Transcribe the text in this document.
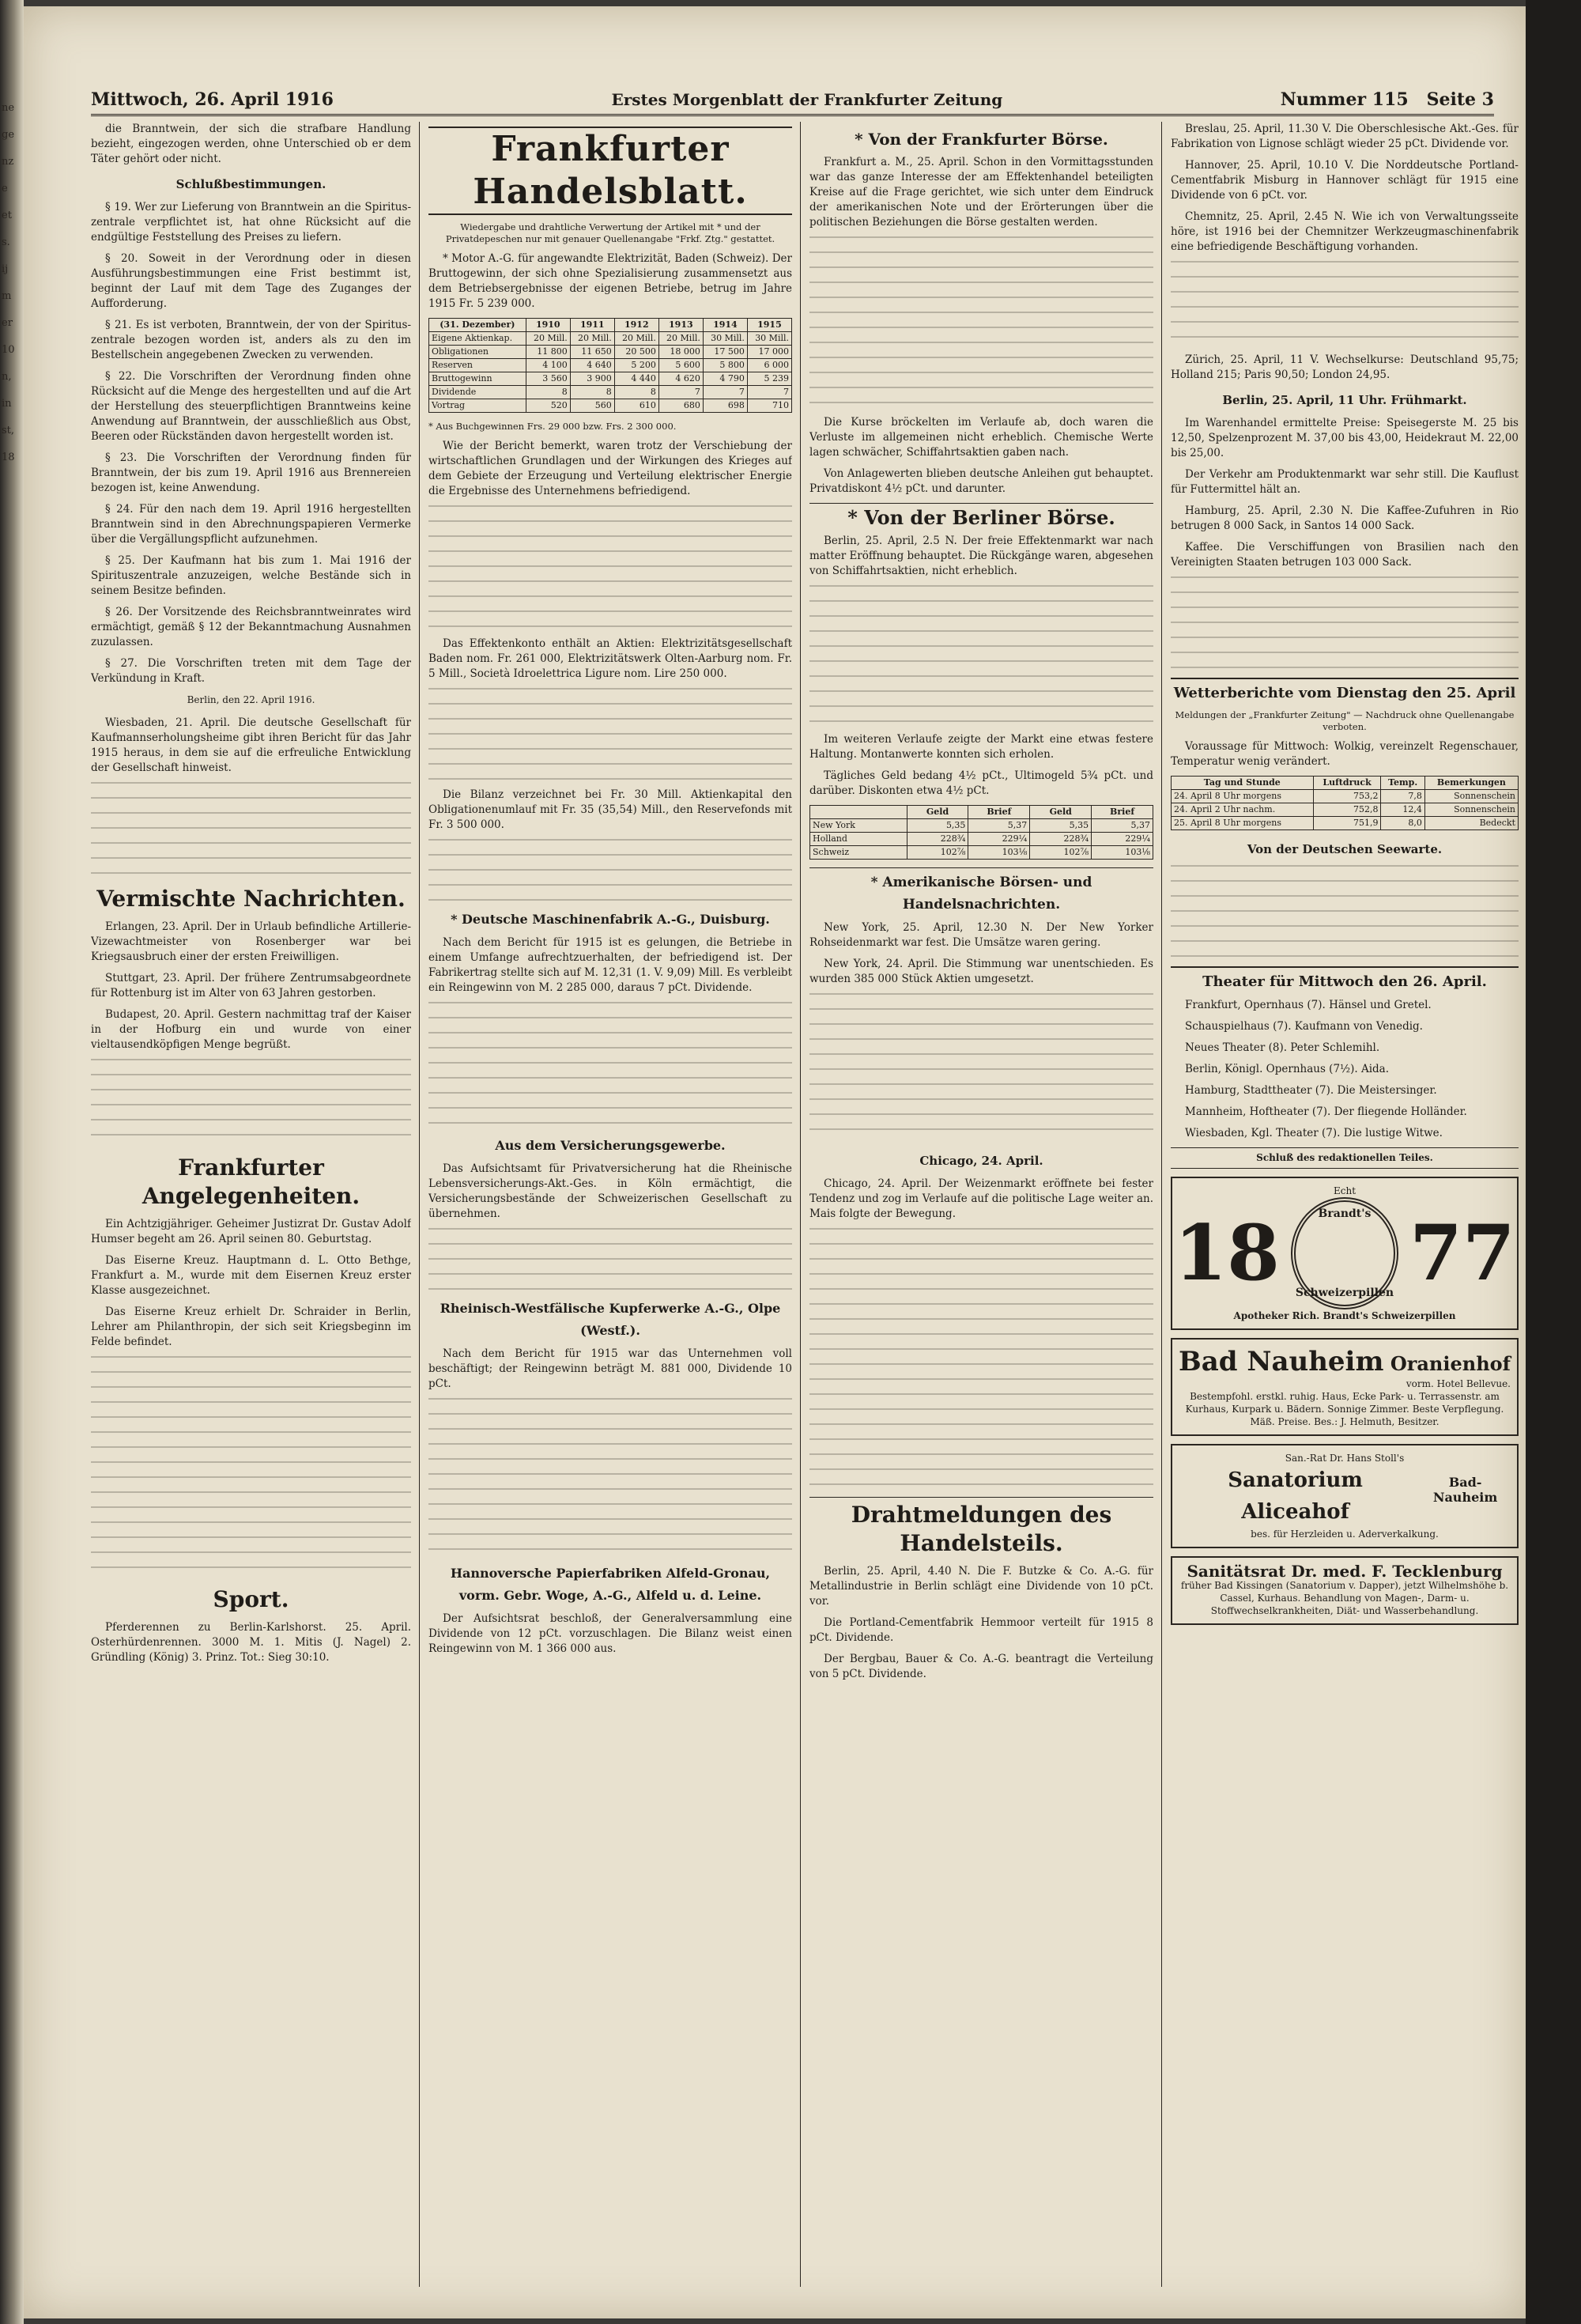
ne
ge
nz
e
et
s.
ij
m
er
10
n,
in
st,
18
Mittwoch, 26. April 1916	Erstes Morgenblatt der Frankfurter Zeitung	Nummer 115 Seite 3

die Branntwein, der sich die strafbare Handlung bezieht, eingezogen werden, ohne Unterschied ob er dem Täter gehört oder nicht.

Schlußbestimmungen.

§ 19. Wer zur Lieferung von Branntwein an die Spirituszentrale verpflichtet ist, hat ohne Rücksicht auf die endgültige Feststellung des Preises zu liefern.

§ 20. Soweit in der Verordnung oder in diesen Ausführungsbestimmungen eine Frist bestimmt ist, beginnt der Lauf mit dem Tage des Zuganges der Aufforderung.

§ 21. Es ist verboten, Branntwein, der von der Spirituszentrale bezogen worden ist, anders als zu den im Bestellschein angegebenen Zwecken zu verwenden.

§ 22. Die Vorschriften der Verordnung finden ohne Rücksicht auf die Menge des hergestellten und auf die Art der Herstellung des steuerpflichtigen Branntweins keine Anwendung auf Branntwein, der ausschließlich aus Obst, Beeren oder Rückständen davon hergestellt worden ist.

§ 23. Die Vorschriften der Verordnung finden für Branntwein, der bis zum 19. April 1916 aus Brennereien bezogen ist, keine Anwendung.

§ 24. Für den nach dem 19. April 1916 hergestellten Branntwein sind in den Abrechnungspapieren Vermerke über die Vergällungspflicht aufzunehmen.

§ 25. Der Kaufmann hat bis zum 1. Mai 1916 der Spirituszentrale anzuzeigen, welche Bestände sich in seinem Besitze befinden.

§ 26. Der Vorsitzende des Reichsbranntweinrates wird ermächtigt, gemäß § 12 der Bekanntmachung Ausnahmen zuzulassen.

§ 27. Die Vorschriften treten mit dem Tage der Verkündung in Kraft.

Berlin, den 22. April 1916.

Wiesbaden, 21. April. Die deutsche Gesellschaft für Kaufmannserholungsheime gibt ihren Bericht für das Jahr 1915 heraus, in dem sie auf die erfreuliche Entwicklung der Gesellschaft hinweist.

Vermischte Nachrichten.

Erlangen, 23. April. Der in Urlaub befindliche ArtillerieVizewachtmeister von Rosenberger war bei Kriegsausbruch einer der ersten Freiwilligen.

Stuttgart, 23. April. Der frühere Zentrumsabgeordnete für Rottenburg ist im Alter von 63 Jahren gestorben.

Budapest, 20. April. Gestern nachmittag traf der Kaiser in der Hofburg ein und wurde von einer vieltausendköpfigen Menge begrüßt.

Frankfurter Angelegenheiten.

Ein Achtzigjähriger. Geheimer Justizrat Dr. Gustav Adolf Humser begeht am 26. April seinen 80. Geburtstag.

Das Eiserne Kreuz. Hauptmann d. L. Otto Bethge, Frankfurt a. M., wurde mit dem Eisernen Kreuz erster Klasse ausgezeichnet.

Das Eiserne Kreuz erhielt Dr. Schraider in Berlin, Lehrer am Philanthropin, der sich seit Kriegsbeginn im Felde befindet.

Sport.

Pferderennen zu Berlin-Karlshorst. 25. April. Osterhürdenrennen. 3000 M. 1. Mitis (J. Nagel) 2. Gründling (König) 3. Prinz. Tot.: Sieg 30:10.

Frankfurter Handelsblatt.
Wiedergabe und drahtliche Verwertung der Artikel mit * und der Privatdepeschen nur mit genauer Quellenangabe "Frkf. Ztg." gestattet.

* Motor A.-G. für angewandte Elektrizität, Baden (Schweiz). Der Bruttogewinn, der sich ohne Spezialisierung zusammensetzt aus dem Betriebsergebnisse der eigenen Betriebe, betrug im Jahre 1915 Fr. 5 239 000.

(31. Dezember)	1910	1911	1912	1913	1914	1915
Eigene Aktienkap.	20 Mill.	20 Mill.	20 Mill.	20 Mill.	30 Mill.	30 Mill.
Obligationen	11 800	11 650	20 500	18 000	17 500	17 000
Reserven	4 100	4 640	5 200	5 600	5 800	6 000
Bruttogewinn	3 560	3 900	4 440	4 620	4 790	5 239
Dividende	8	8	8	7	7	7
Vortrag	520	560	610	680	698	710
* Aus Buchgewinnen Frs. 29 000 bzw. Frs. 2 300 000.

Wie der Bericht bemerkt, waren trotz der Verschiebung der wirtschaftlichen Grundlagen und der Wirkungen des Krieges auf dem Gebiete der Erzeugung und Verteilung elektrischer Energie die Ergebnisse des Unternehmens befriedigend.

Das Effektenkonto enthält an Aktien: Elektrizitätsgesellschaft Baden nom. Fr. 261 000, Elektrizitätswerk Olten-Aarburg nom. Fr. 5 Mill., Società Idroelettrica Ligure nom. Lire 250 000.

Die Bilanz verzeichnet bei Fr. 30 Mill. Aktienkapital den Obligationenumlauf mit Fr. 35 (35,54) Mill., den Reservefonds mit Fr. 3 500 000.

* Deutsche Maschinenfabrik A.-G., Duisburg.

Nach dem Bericht für 1915 ist es gelungen, die Betriebe in einem Umfange aufrechtzuerhalten, der befriedigend ist. Der Fabrikertrag stellte sich auf M. 12,31 (1. V. 9,09) Mill. Es verbleibt ein Reingewinn von M. 2 285 000, daraus 7 pCt. Dividende.

Aus dem Versicherungsgewerbe.

Das Aufsichtsamt für Privatversicherung hat die Rheinische Lebensversicherungs-Akt.-Ges. in Köln ermächtigt, die Versicherungsbestände der Schweizerischen Gesellschaft zu übernehmen.

Rheinisch-Westfälische Kupferwerke A.-G., Olpe (Westf.).

Nach dem Bericht für 1915 war das Unternehmen voll beschäftigt; der Reingewinn beträgt M. 881 000, Dividende 10 pCt.

Hannoversche Papierfabriken Alfeld-Gronau, vorm. Gebr. Woge, A.-G., Alfeld u. d. Leine.

Der Aufsichtsrat beschloß, der Generalversammlung eine Dividende von 12 pCt. vorzuschlagen. Die Bilanz weist einen Reingewinn von M. 1 366 000 aus.

* Von der Frankfurter Börse.

Frankfurt a. M., 25. April. Schon in den Vormittagsstunden war das ganze Interesse der am Effektenhandel beteiligten Kreise auf die Frage gerichtet, wie sich unter dem Eindruck der amerikanischen Note und der Erörterungen über die politischen Beziehungen die Börse gestalten werden.

Die Kurse bröckelten im Verlaufe ab, doch waren die Verluste im allgemeinen nicht erheblich. Chemische Werte lagen schwächer, Schiffahrtsaktien gaben nach.

Von Anlagewerten blieben deutsche Anleihen gut behauptet. Privatdiskont 4½ pCt. und darunter.

* Von der Berliner Börse.

Berlin, 25. April, 2.5 N. Der freie Effektenmarkt war nach matter Eröffnung behauptet. Die Rückgänge waren, abgesehen von Schiffahrtsaktien, nicht erheblich.

Im weiteren Verlaufe zeigte der Markt eine etwas festere Haltung. Montanwerte konnten sich erholen.

Tägliches Geld bedang 4½ pCt., Ultimogeld 5¾ pCt. und darüber. Diskonten etwa 4½ pCt.

	Geld	Brief	Geld	Brief
New York	5,35	5,37	5,35	5,37
Holland	228¾	229¼	228¾	229¼
Schweiz	102⅞	103⅛	102⅞	103⅛
* Amerikanische Börsen- und Handelsnachrichten.

New York, 25. April, 12.30 N. Der New Yorker Rohseidenmarkt war fest. Die Umsätze waren gering.

New York, 24. April. Die Stimmung war unentschieden. Es wurden 385 000 Stück Aktien umgesetzt.

Chicago, 24. April.

Chicago, 24. April. Der Weizenmarkt eröffnete bei fester Tendenz und zog im Verlaufe auf die politische Lage weiter an. Mais folgte der Bewegung.

Drahtmeldungen des Handelsteils.

Berlin, 25. April, 4.40 N. Die F. Butzke & Co. A.-G. für Metallindustrie in Berlin schlägt eine Dividende von 10 pCt. vor.

Die Portland-Cementfabrik Hemmoor verteilt für 1915 8 pCt. Dividende.

Der Bergbau, Bauer & Co. A.-G. beantragt die Verteilung von 5 pCt. Dividende.

Breslau, 25. April, 11.30 V. Die Oberschlesische Akt.-Ges. für Fabrikation von Lignose schlägt wieder 25 pCt. Dividende vor.

Hannover, 25. April, 10.10 V. Die Norddeutsche Portland-Cementfabrik Misburg in Hannover schlägt für 1915 eine Dividende von 6 pCt. vor.

Chemnitz, 25. April, 2.45 N. Wie ich von Verwaltungsseite höre, ist 1916 bei der Chemnitzer Werkzeugmaschinenfabrik eine befriedigende Beschäftigung vorhanden.

Zürich, 25. April, 11 V. Wechselkurse: Deutschland 95,75; Holland 215; Paris 90,50; London 24,95.

Berlin, 25. April, 11 Uhr. Frühmarkt.

Im Warenhandel ermittelte Preise: Speisegerste M. 25 bis 12,50, Spelzenprozent M. 37,00 bis 43,00, Heidekraut M. 22,00 bis 25,00.

Der Verkehr am Produktenmarkt war sehr still. Die Kauflust für Futtermittel hält an.

Hamburg, 25. April, 2.30 N. Die Kaffee-Zufuhren in Rio betrugen 8 000 Sack, in Santos 14 000 Sack.

Kaffee. Die Verschiffungen von Brasilien nach den Vereinigten Staaten betrugen 103 000 Sack.

Wetterberichte vom Dienstag den 25. April
Meldungen der „Frankfurter Zeitung" — Nachdruck ohne Quellenangabe verboten.

Voraussage für Mittwoch: Wolkig, vereinzelt Regenschauer, Temperatur wenig verändert.

Tag und Stunde	Luftdruck	Temp.	Bemerkungen
24. April 8 Uhr morgens	753,2	7,8	Sonnenschein
24. April 2 Uhr nachm.	752,8	12,4	Sonnenschein
25. April 8 Uhr morgens	751,9	8,0	Bedeckt
Von der Deutschen Seewarte.
Theater für Mittwoch den 26. April.

Frankfurt, Opernhaus (7). Hänsel und Gretel.

Schauspielhaus (7). Kaufmann von Venedig.

Neues Theater (8). Peter Schlemihl.

Berlin, Königl. Opernhaus (7½). Aida.

Hamburg, Stadttheater (7). Die Meistersinger.

Mannheim, Hoftheater (7). Der fliegende Holländer.

Wiesbaden, Kgl. Theater (7). Die lustige Witwe.

Schluß des redaktionellen Teiles.
Echt
18	Brandt's Schweizerpillen 77
Apotheker Rich. Brandt's Schweizerpillen
Bad Nauheim Oranienhof
vorm. Hotel Bellevue.
Bestempfohl. erstkl. ruhig. Haus, Ecke Park- u. Terrassenstr. am Kurhaus, Kurpark u. Bädern. Sonnige Zimmer. Beste Verpflegung. Mäß. Preise. Bes.: J. Helmuth, Besitzer.
San.-Rat Dr. Hans Stoll's
Sanatorium Aliceahof
Bad-Nauheim
bes. für Herzleiden u. Aderverkalkung.
Sanitätsrat Dr. med. F. Tecklenburg
früher Bad Kissingen (Sanatorium v. Dapper), jetzt Wilhelmshöhe b. Cassel, Kurhaus. Behandlung von Magen-, Darm- u. Stoffwechselkrankheiten, Diät- und Wasserbehandlung.
